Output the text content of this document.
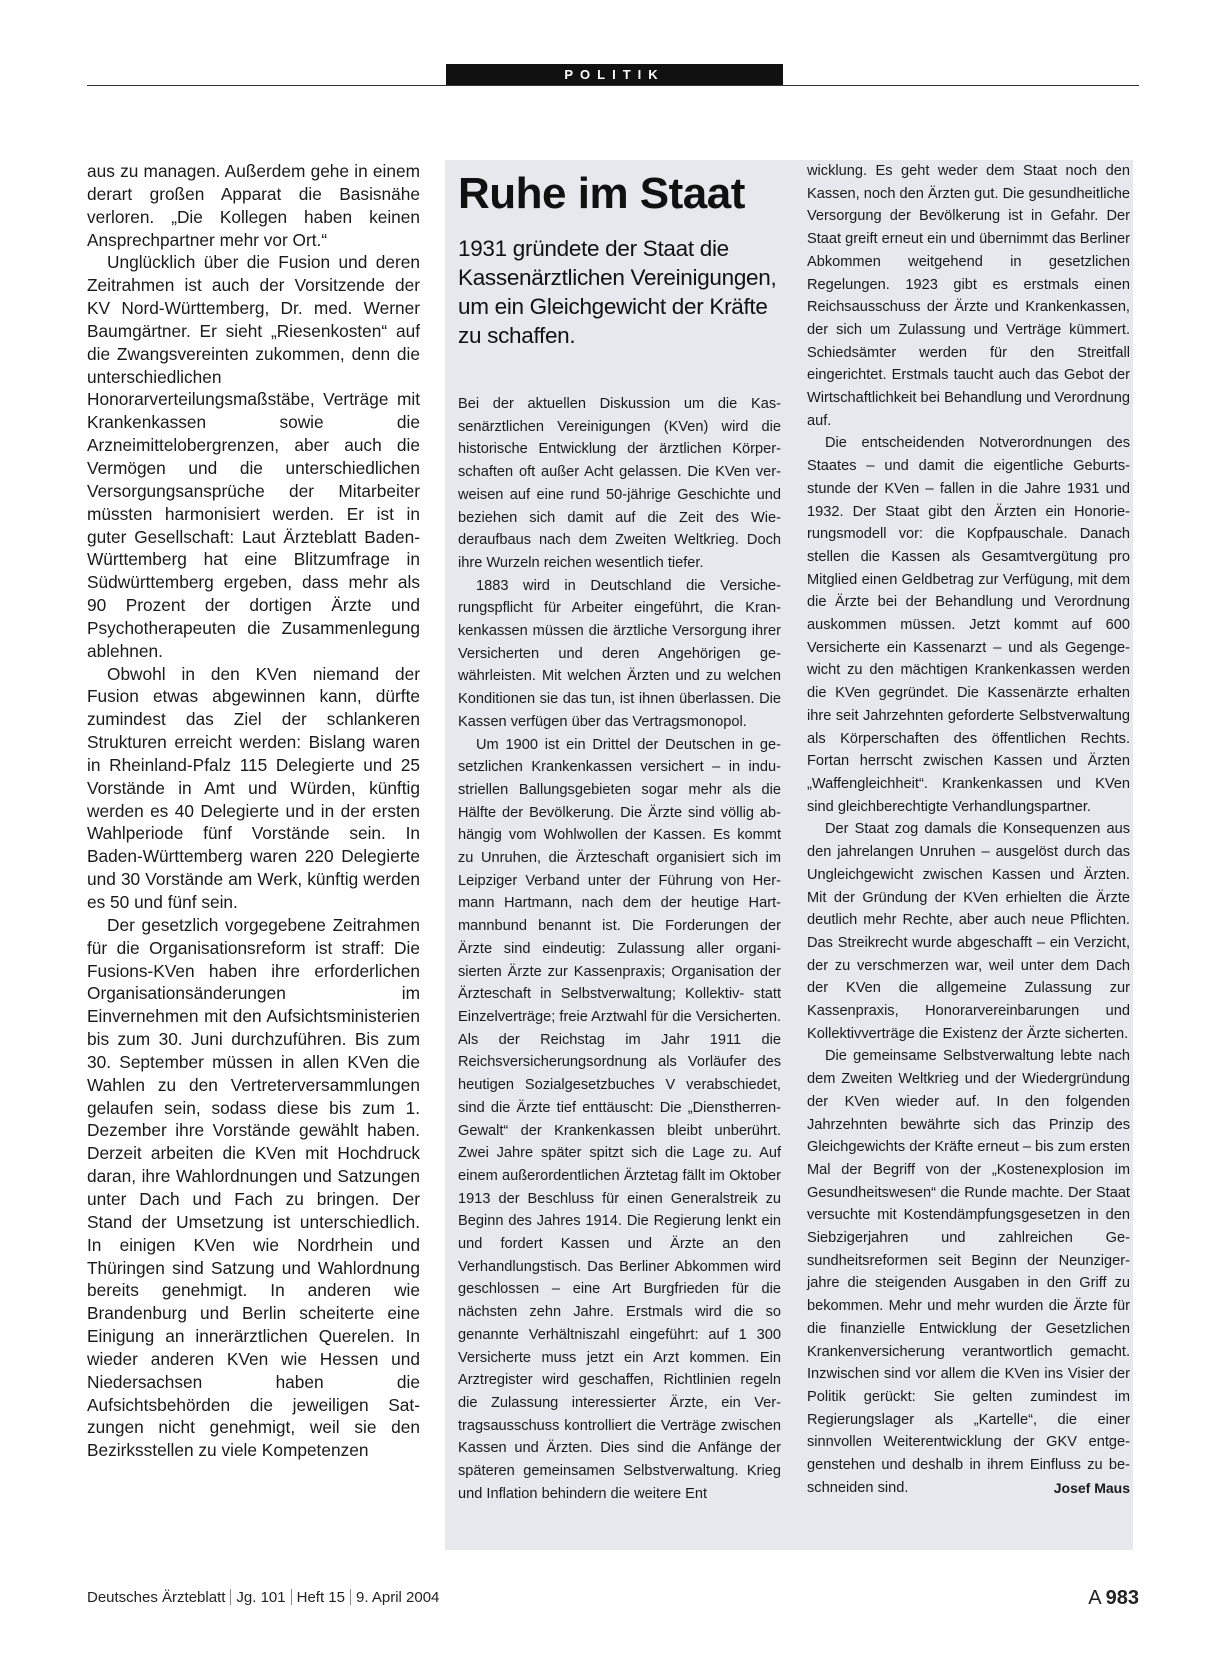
POLITIK

aus zu managen. Außerdem gehe in einem derart großen Apparat die Basisnähe verloren. „Die Kollegen haben keinen Ansprechpartner mehr vor Ort.“

Unglücklich über die Fusion und deren Zeitrahmen ist auch der Vorsitzende der KV Nord-Württemberg, Dr. med. Werner Baumgärtner. Er sieht „Riesenkosten“ auf die Zwangsvereinten zukommen, denn die unterschiedlichen Honorarverteilungsmaßstäbe, Verträge mit Krankenkassen sowie die Arzneimittelobergrenzen, aber auch die Vermögen und die unterschiedlichen Versorgungsansprüche der Mitarbeiter müssten harmonisiert werden. Er ist in guter Gesellschaft: Laut Ärzteblatt Baden-Württemberg hat eine Blitzumfrage in Südwürttemberg ergeben, dass mehr als 90 Prozent der dortigen Ärzte und Psychotherapeuten die Zusammenlegung ablehnen.

Obwohl in den KVen niemand der Fusion etwas abgewinnen kann, dürfte zumindest das Ziel der schlankeren Strukturen erreicht werden: Bislang waren in Rheinland-Pfalz 115 Delegierte und 25 Vorstände in Amt und Würden, künftig werden es 40 Delegierte und in der ersten Wahlperiode fünf Vorstände sein. In Baden-Württemberg waren 220 Delegierte und 30 Vorstände am Werk, künftig werden es 50 und fünf sein.

Der gesetzlich vorgegebene Zeitrahmen für die Organisationsreform ist straff: Die Fusions-KVen haben ihre erforderlichen Organisationsänderungen im Einvernehmen mit den Aufsichtsministerien bis zum 30. Juni durchzuführen. Bis zum 30. September müssen in allen KVen die Wahlen zu den Vertreterversammlungen gelaufen sein, sodass diese bis zum 1. Dezember ihre Vorstände gewählt haben. Derzeit arbeiten die KVen mit Hochdruck daran, ihre Wahlordnungen und Satzungen unter Dach und Fach zu bringen. Der Stand der Umsetzung ist unterschiedlich. In einigen KVen wie Nordrhein und Thüringen sind Satzung und Wahlordnung bereits genehmigt. In anderen wie Brandenburg und Berlin scheiterte eine Einigung an innerärztlichen Querelen. In wieder anderen KVen wie Hessen und Niedersachsen haben die Aufsichtsbehörden die jeweiligen Satzungen nicht genehmigt, weil sie den Bezirksstellen zu viele Kompetenzen

Ruhe im Staat
1931 gründete der Staat die Kassenärztlichen Vereinigungen, um ein Gleichgewicht der Kräfte zu schaffen.

Bei der aktuellen Diskussion um die Kassenärztlichen Vereinigungen (KVen) wird die historische Entwicklung der ärztlichen Körperschaften oft außer Acht gelassen. Die KVen verweisen auf eine rund 50-jährige Geschichte und beziehen sich damit auf die Zeit des Wiederaufbaus nach dem Zweiten Weltkrieg. Doch ihre Wurzeln reichen wesentlich tiefer.

1883 wird in Deutschland die Versicherungspflicht für Arbeiter eingeführt, die Krankenkassen müssen die ärztliche Versorgung ihrer Versicherten und deren Angehörigen gewährleisten. Mit welchen Ärzten und zu welchen Konditionen sie das tun, ist ihnen überlassen. Die Kassen verfügen über das Vertragsmonopol.

Um 1900 ist ein Drittel der Deutschen in gesetzlichen Krankenkassen versichert – in industriellen Ballungsgebieten sogar mehr als die Hälfte der Bevölkerung. Die Ärzte sind völlig abhängig vom Wohlwollen der Kassen. Es kommt zu Unruhen, die Ärzteschaft organisiert sich im Leipziger Verband unter der Führung von Hermann Hartmann, nach dem der heutige Hartmannbund benannt ist. Die Forderungen der Ärzte sind eindeutig: Zulassung aller organisierten Ärzte zur Kassenpraxis; Organisation der Ärzteschaft in Selbstverwaltung; Kollektiv- statt Einzelverträge; freie Arztwahl für die Versicherten. Als der Reichstag im Jahr 1911 die Reichsversicherungsordnung als Vorläufer des heutigen Sozialgesetzbuches V verabschiedet, sind die Ärzte tief enttäuscht: Die „Dienstherren-Gewalt“ der Krankenkassen bleibt unberührt. Zwei Jahre später spitzt sich die Lage zu. Auf einem außerordentlichen Ärztetag fällt im Oktober 1913 der Beschluss für einen Generalstreik zu Beginn des Jahres 1914. Die Regierung lenkt ein und fordert Kassen und Ärzte an den Verhandlungstisch. Das Berliner Abkommen wird geschlossen – eine Art Burgfrieden für die nächsten zehn Jahre. Erstmals wird die so genannte Verhältniszahl eingeführt: auf 1 300 Versicherte muss jetzt ein Arzt kommen. Ein Arztregister wird geschaffen, Richtlinien regeln die Zulassung interessierter Ärzte, ein Vertragsausschuss kontrolliert die Verträge zwischen Kassen und Ärzten. Dies sind die Anfänge der späteren gemeinsamen Selbstverwaltung. Krieg und Inflation behindern die weitere Ent

wicklung. Es geht weder dem Staat noch den Kassen, noch den Ärzten gut. Die gesundheitliche Versorgung der Bevölkerung ist in Gefahr. Der Staat greift erneut ein und übernimmt das Berliner Abkommen weitgehend in gesetzlichen Regelungen. 1923 gibt es erstmals einen Reichsausschuss der Ärzte und Krankenkassen, der sich um Zulassung und Verträge kümmert. Schiedsämter werden für den Streitfall eingerichtet. Erstmals taucht auch das Gebot der Wirtschaftlichkeit bei Behandlung und Verordnung auf.

Die entscheidenden Notverordnungen des Staates – und damit die eigentliche Geburtsstunde der KVen – fallen in die Jahre 1931 und 1932. Der Staat gibt den Ärzten ein Honorierungsmodell vor: die Kopfpauschale. Danach stellen die Kassen als Gesamtvergütung pro Mitglied einen Geldbetrag zur Verfügung, mit dem die Ärzte bei der Behandlung und Verordnung auskommen müssen. Jetzt kommt auf 600 Versicherte ein Kassenarzt – und als Gegengewicht zu den mächtigen Krankenkassen werden die KVen gegründet. Die Kassenärzte erhalten ihre seit Jahrzehnten geforderte Selbstverwaltung als Körperschaften des öffentlichen Rechts. Fortan herrscht zwischen Kassen und Ärzten „Waffengleichheit“. Krankenkassen und KVen sind gleichberechtigte Verhandlungspartner.

Der Staat zog damals die Konsequenzen aus den jahrelangen Unruhen – ausgelöst durch das Ungleichgewicht zwischen Kassen und Ärzten. Mit der Gründung der KVen erhielten die Ärzte deutlich mehr Rechte, aber auch neue Pflichten. Das Streikrecht wurde abgeschafft – ein Verzicht, der zu verschmerzen war, weil unter dem Dach der KVen die allgemeine Zulassung zur Kassenpraxis, Honorarvereinbarungen und Kollektivverträge die Existenz der Ärzte sicherten.

Die gemeinsame Selbstverwaltung lebte nach dem Zweiten Weltkrieg und der Wiedergründung der KVen wieder auf. In den folgenden Jahrzehnten bewährte sich das Prinzip des Gleichgewichts der Kräfte erneut – bis zum ersten Mal der Begriff von der „Kostenexplosion im Gesundheitswesen“ die Runde machte. Der Staat versuchte mit Kostendämpfungsgesetzen in den Siebzigerjahren und zahlreichen Gesundheitsreformen seit Beginn der Neunzigerjahre die steigenden Ausgaben in den Griff zu bekommen. Mehr und mehr wurden die Ärzte für die finanzielle Entwicklung der Gesetzlichen Krankenversicherung verantwortlich gemacht. Inzwischen sind vor allem die KVen ins Visier der Politik gerückt: Sie gelten zumindest im Regierungslager als „Kartelle“, die einer sinnvollen Weiterentwicklung der GKV entgegenstehen und deshalb in ihrem Einfluss zu beschneiden sind.	Josef Maus

Deutsches Ärzteblatt Jg. 101 Heft 15 9. April 2004	A  983
